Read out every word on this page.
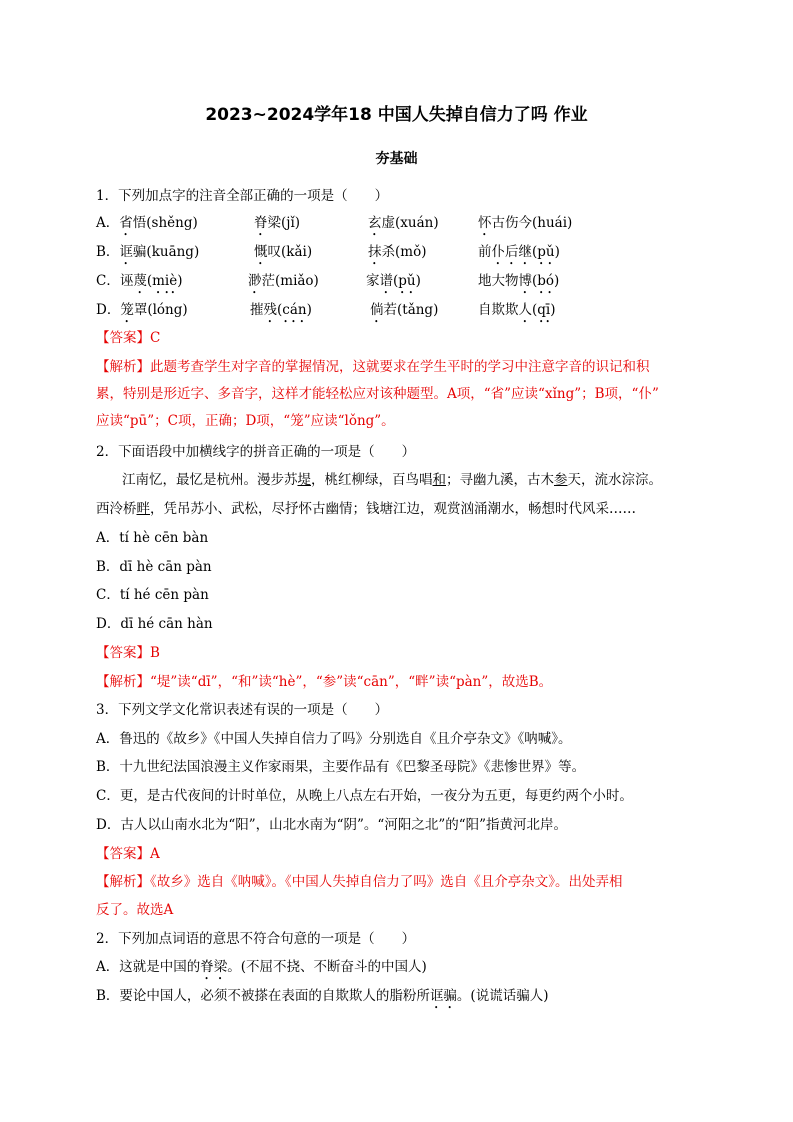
2023~2024学年18 中国人失掉自信力了吗 作业
夯基础
1．下列加点字的注音全部正确的一项是（　　）
A．省悟(shěng)	脊梁(jǐ)	玄虚(xuán)	怀古伤今(huái)
B．诓骗(kuāng)	慨叹(kǎi)	抹杀(mǒ)	前仆后继(pǔ)
C．诬蔑(miè)	渺茫(miǎo)	家谱(pǔ)	地大物博(bó)
D．笼罩(lóng)	摧残(cán)	倘若(tǎng)	自欺欺人(qī)
【答案】C
【解析】此题考查学生对字音的掌握情况，这就要求在学生平时的学习中注意字音的识记和积
累，特别是形近字、多音字，这样才能轻松应对该种题型。A项，“省”应读“xǐng”；B项，“仆”
应读“pū”；C项，正确；D项，“笼”应读“lǒng”。
2．下面语段中加横线字的拼音正确的一项是（　　）
江南忆，最忆是杭州。漫步苏堤，桃红柳绿，百鸟唱和；寻幽九溪，古木参天，流水淙淙。
西泠桥畔，凭吊苏小、武松，尽抒怀古幽情；钱塘江边，观赏汹涌潮水，畅想时代风采……
A．tí hè cēn bàn
B．dī hè cān pàn
C．tí hé cēn pàn
D．dī hé cān hàn
【答案】B
【解析】“堤”读“dī”，“和”读“hè”，“参”读“cān”，“畔”读“pàn”，故选B。
3．下列文学文化常识表述有误的一项是（　　）
A．鲁迅的《故乡》《中国人失掉自信力了吗》分别选自《且介亭杂文》《呐喊》。
B．十九世纪法国浪漫主义作家雨果，主要作品有《巴黎圣母院》《悲惨世界》等。
C．更，是古代夜间的计时单位，从晚上八点左右开始，一夜分为五更，每更约两个小时。
D．古人以山南水北为“阳”，山北水南为“阴”。“河阳之北”的“阳”指黄河北岸。
【答案】A
【解析】《故乡》选自《呐喊》。《中国人失掉自信力了吗》选自《且介亭杂文》。出处弄相
反了。故选A
2．下列加点词语的意思不符合句意的一项是（　　）
A．这就是中国的脊梁。(不屈不挠、不断奋斗的中国人)
B．要论中国人，必须不被搽在表面的自欺欺人的脂粉所诓骗。(说谎话骗人)
